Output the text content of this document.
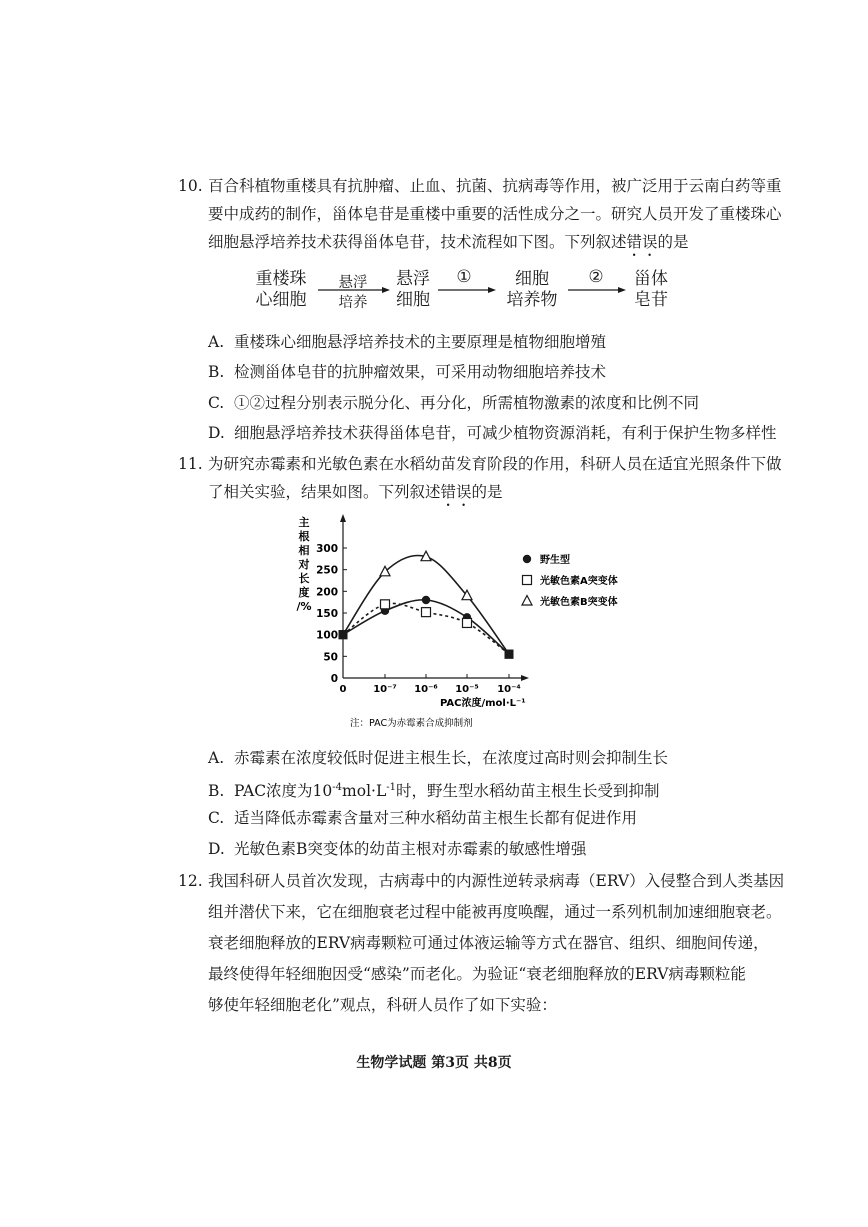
10. 百合科植物重楼具有抗肿瘤、止血、抗菌、抗病毒等作用，被广泛用于云南白药等重
要中成药的制作，甾体皂苷是重楼中重要的活性成分之一。研究人员开发了重楼珠心
细胞悬浮培养技术获得甾体皂苷，技术流程如下图。下列叙述错误的是
重楼珠
心细胞
悬浮
培养
悬浮
细胞
①	细胞
培养物
②	甾体
皂苷
A. 重楼珠心细胞悬浮培养技术的主要原理是植物细胞增殖
B. 检测甾体皂苷的抗肿瘤效果，可采用动物细胞培养技术
C. ①②过程分别表示脱分化、再分化，所需植物激素的浓度和比例不同
D. 细胞悬浮培养技术获得甾体皂苷，可减少植物资源消耗，有利于保护生物多样性
11. 为研究赤霉素和光敏色素在水稻幼苗发育阶段的作用，科研人员在适宜光照条件下做
了相关实验，结果如图。下列叙述错误的是
主
根
相
对
长
度
/%
0
50
100
150
200
250
300
0	10⁻⁷ 10⁻⁶ 10⁻⁵ 10⁻⁴
野生型
光敏色素A突变体
光敏色素B突变体
PAC浓度/mol·L⁻¹
注：PAC为赤霉素合成抑制剂
A. 赤霉素在浓度较低时促进主根生长，在浓度过高时则会抑制生长
B. PAC浓度为$10^{-4}mol\cdot L^{-1}$时，野生型水稻幼苗主根生长受到抑制
C. 适当降低赤霉素含量对三种水稻幼苗主根生长都有促进作用
D. 光敏色素B突变体的幼苗主根对赤霉素的敏感性增强
12. 我国科研人员首次发现，古病毒中的内源性逆转录病毒（ERV）入侵整合到人类基因
组并潜伏下来，它在细胞衰老过程中能被再度唤醒，通过一系列机制加速细胞衰老。
衰老细胞释放的ERV病毒颗粒可通过体液运输等方式在器官、组织、细胞间传递，
最终使得年轻细胞因受“感染”而老化。为验证“衰老细胞释放的ERV病毒颗粒能
够使年轻细胞老化”观点，科研人员作了如下实验：
生物学试题 第3页 共8页
